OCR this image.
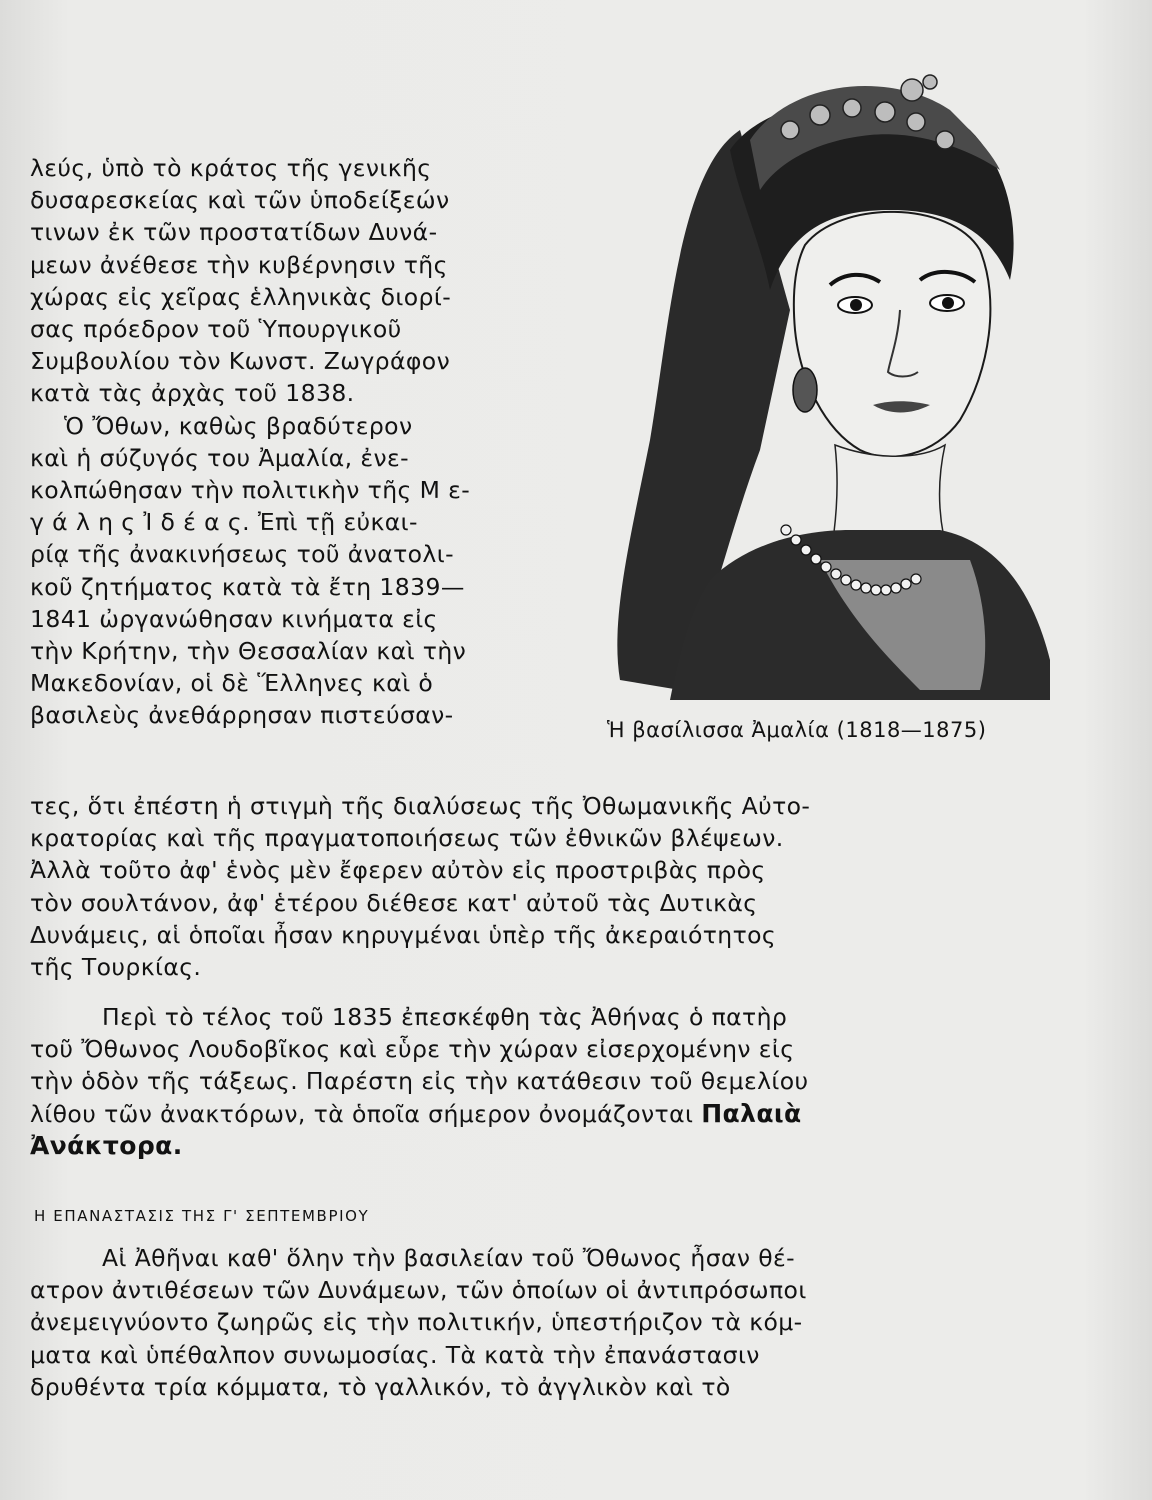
λεύς, ὑπὸ τὸ κράτος τῆς γενικῆς
δυσαρεσκείας καὶ τῶν ὑποδείξεών
τινων ἐκ τῶν προστατίδων Δυνά-
μεων ἀνέθεσε τὴν κυβέρνησιν τῆς
χώρας εἰς χεῖρας ἑλληνικὰς διορί-
σας πρόεδρον τοῦ Ὑπουργικοῦ
Συμβουλίου τὸν Κωνστ. Ζωγράφον
κατὰ τὰς ἀρχὰς τοῦ 1838.
Ὁ Ὄθων, καθὼς βραδύτερον
καὶ ἡ σύζυγός του Ἀμαλία, ἐνε-
κολπώθησαν τὴν πολιτικὴν τῆς Μ ε-
γ ά λ η ς Ἰ δ έ α ς. Ἐπὶ τῇ εὐκαι-
ρίᾳ τῆς ἀνακινήσεως τοῦ ἀνατολι-
κοῦ ζητήματος κατὰ τὰ ἔτη 1839—
1841 ὠργανώθησαν κινήματα εἰς
τὴν Κρήτην, τὴν Θεσσαλίαν καὶ τὴν
Μακεδονίαν, οἱ δὲ Ἕλληνες καὶ ὁ
βασιλεὺς ἀνεθάρρησαν πιστεύσαν-
Ἡ βασίλισσα Ἀμαλία (1818—1875)
τες, ὅτι ἐπέστη ἡ στιγμὴ τῆς διαλύσεως τῆς Ὀθωμανικῆς Αὐτο-
κρατορίας καὶ τῆς πραγματοποιήσεως τῶν ἐθνικῶν βλέψεων.
Ἀλλὰ τοῦτο ἀφ' ἑνὸς μὲν ἔφερεν αὐτὸν εἰς προστριβὰς πρὸς
τὸν σουλτάνον, ἀφ' ἑτέρου διέθεσε κατ' αὐτοῦ τὰς Δυτικὰς
Δυνάμεις, αἱ ὁποῖαι ἦσαν κηρυγμέναι ὑπὲρ τῆς ἀκεραιότητος
τῆς Τουρκίας.
Περὶ τὸ τέλος τοῦ 1835 ἐπεσκέφθη τὰς Ἀθήνας ὁ πατὴρ
τοῦ Ὄθωνος Λουδοβῖκος καὶ εὗρε τὴν χώραν εἰσερχομένην εἰς
τὴν ὁδὸν τῆς τάξεως. Παρέστη εἰς τὴν κατάθεσιν τοῦ θεμελίου
λίθου τῶν ἀνακτόρων, τὰ ὁποῖα σήμερον ὀνομάζονται Παλαιὰ
Ἀνάκτορα.
Η ΕΠΑΝΑΣΤΑΣΙΣ ΤΗΣ Γ' ΣΕΠΤΕΜΒΡΙΟΥ
Αἱ Ἀθῆναι καθ' ὅλην τὴν βασιλείαν τοῦ Ὄθωνος ἦσαν θέ-
ατρον ἀντιθέσεων τῶν Δυνάμεων, τῶν ὁποίων οἱ ἀντιπρόσωποι
ἀνεμειγνύοντο ζωηρῶς εἰς τὴν πολιτικήν, ὑπεστήριζον τὰ κόμ-
ματα καὶ ὑπέθαλπον συνωμοσίας. Τὰ κατὰ τὴν ἐπανάστασιν
δρυθέντα τρία κόμματα, τὸ γαλλικόν, τὸ ἀγγλικὸν καὶ τὸ
